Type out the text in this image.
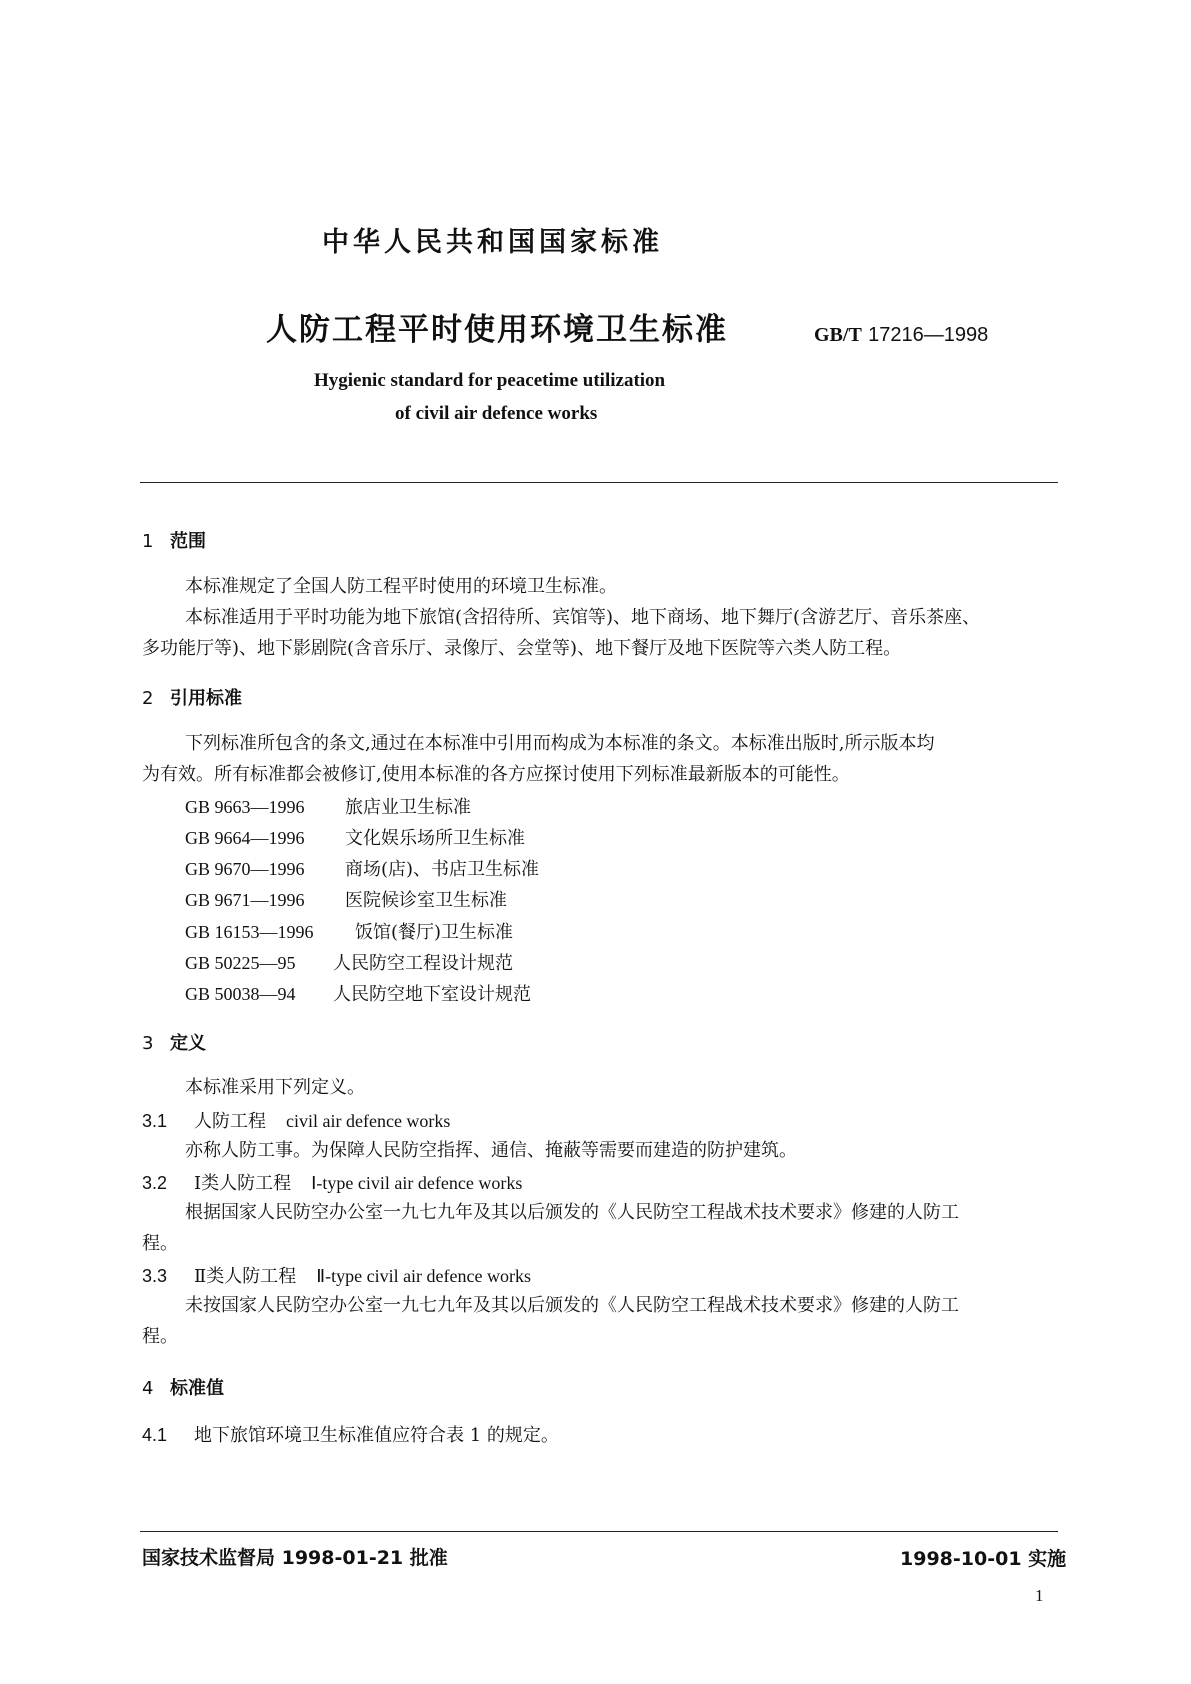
中华人民共和国国家标准
人防工程平时使用环境卫生标准	GB/T 17216—1998
Hygienic standard for peacetime utilization
of civil air defence works
1 范围
本标准规定了全国人防工程平时使用的环境卫生标准。
本标准适用于平时功能为地下旅馆(含招待所、宾馆等)、地下商场、地下舞厅(含游艺厅、音乐茶座、
多功能厅等)、地下影剧院(含音乐厅、录像厅、会堂等)、地下餐厅及地下医院等六类人防工程。
2 引用标准
下列标准所包含的条文,通过在本标准中引用而构成为本标准的条文。本标准出版时,所示版本均
为有效。所有标准都会被修订,使用本标准的各方应探讨使用下列标准最新版本的可能性。
GB 9663—1996 旅店业卫生标准
GB 9664—1996 文化娱乐场所卫生标准
GB 9670—1996 商场(店)、书店卫生标准
GB 9671—1996 医院候诊室卫生标准
GB 16153—1996 饭馆(餐厅)卫生标准
GB 50225—95 人民防空工程设计规范
GB 50038—94 人民防空地下室设计规范
3 定义
本标准采用下列定义。
3.1 人防工程 civil air defence works
亦称人防工事。为保障人民防空指挥、通信、掩蔽等需要而建造的防护建筑。
3.2 Ⅰ类人防工程 Ⅰ-type civil air defence works
根据国家人民防空办公室一九七九年及其以后颁发的《人民防空工程战术技术要求》修建的人防工
程。
3.3 Ⅱ类人防工程 Ⅱ-type civil air defence works
未按国家人民防空办公室一九七九年及其以后颁发的《人民防空工程战术技术要求》修建的人防工
程。
4 标准值
4.1 地下旅馆环境卫生标准值应符合表 1 的规定。
国家技术监督局 1998-01-21 批准	1998-10-01 实施
1
